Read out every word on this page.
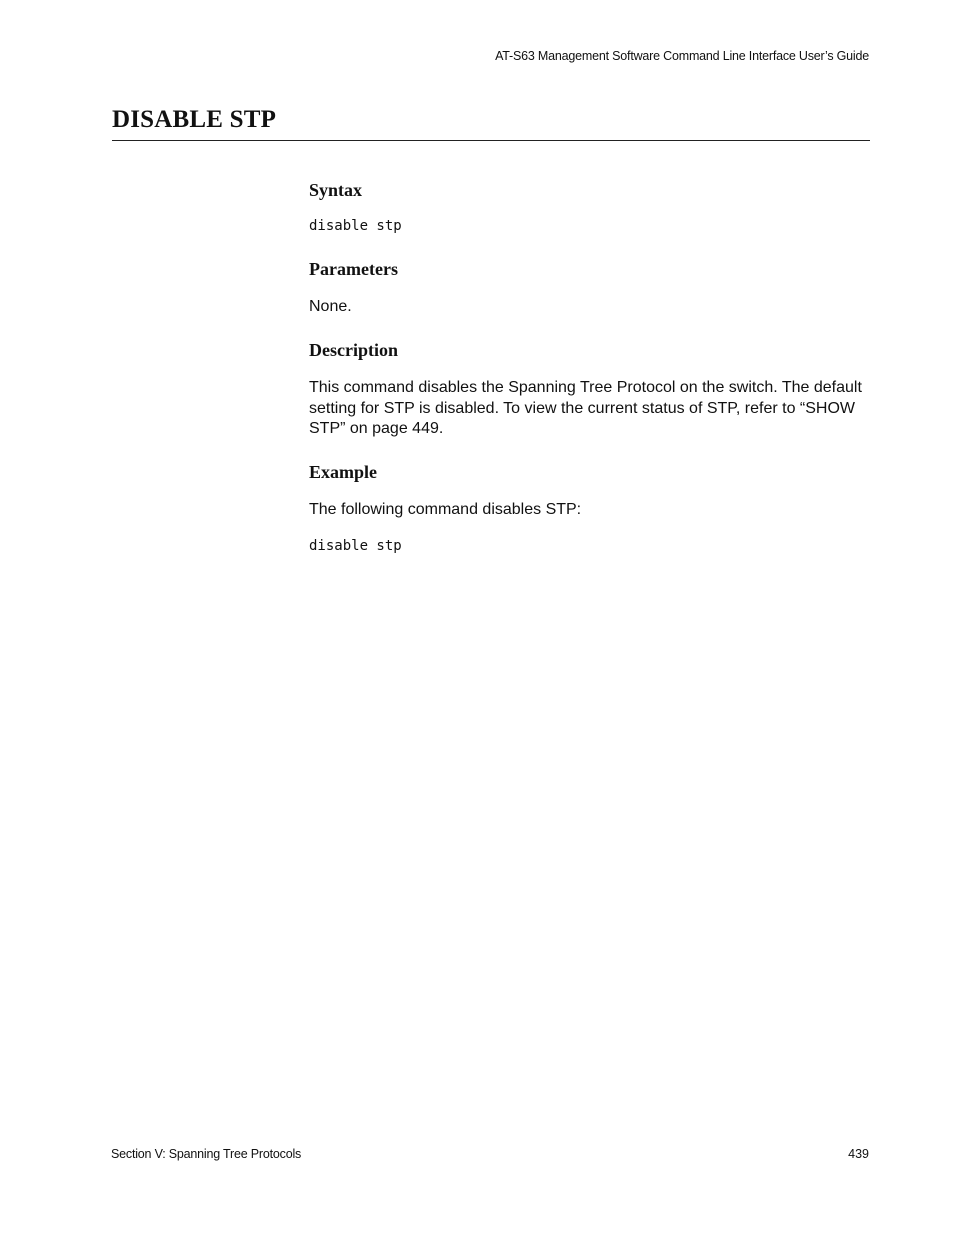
AT-S63 Management Software Command Line Interface User’s Guide
DISABLE STP
Syntax

disable stp

Parameters

None.

Description

This command disables the Spanning Tree Protocol on the switch. The default setting for STP is disabled. To view the current status of STP, refer to “SHOW STP” on page 449.

Example

The following command disables STP:

disable stp

Section V: Spanning Tree Protocols	439
